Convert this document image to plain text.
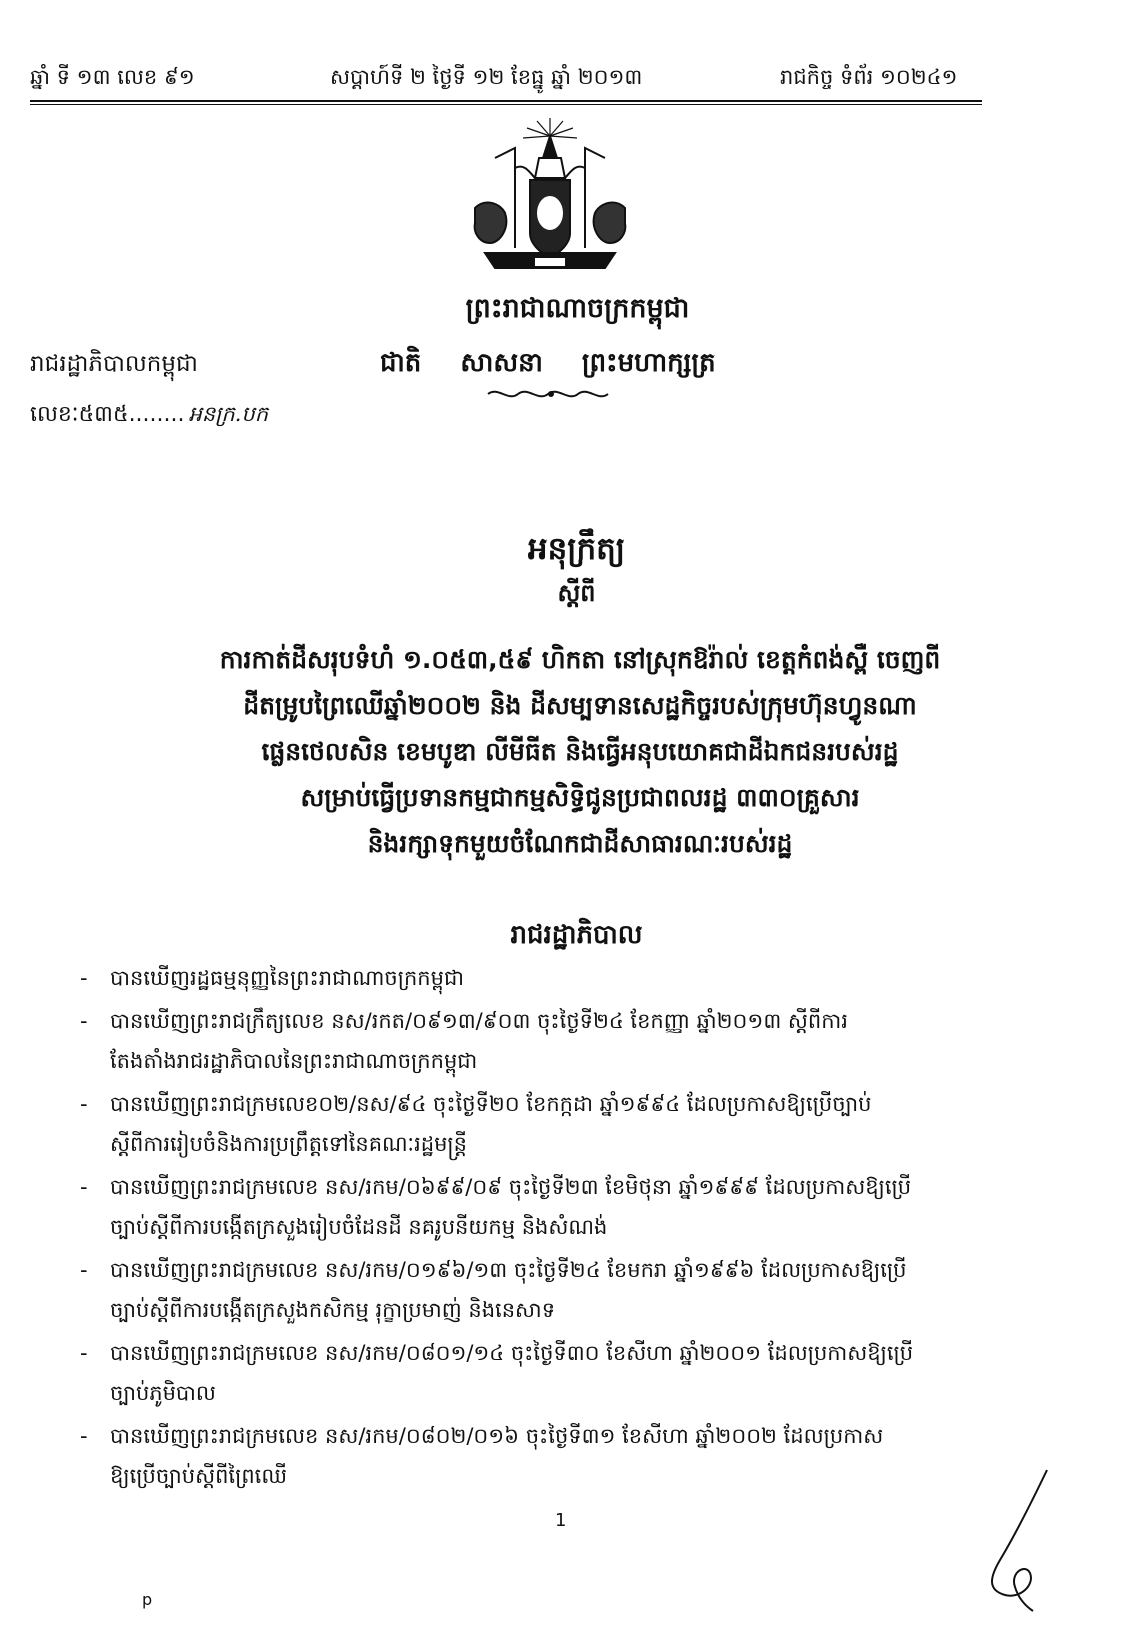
ឆ្នាំ ទី ១៣ លេខ ៩១	សប្តាហ៍ទី ២ ថ្ងៃទី ១២ ខែធ្នូ ឆ្នាំ ២០១៣	រាជកិច្ច ទំព័រ ១០២៤១
ព្រះរាជាណាចក្រកម្ពុជា
រាជរដ្ឋាភិបាលកម្ពុជា	ជាតិ សាសនា ព្រះមហាក្សត្រ
លេខៈ៥៣៥........ អនក្រ.បក
អនុក្រឹត្យ
ស្តីពី
ការកាត់ដីសរុបទំហំ ១.០៥៣,៥៩ ហិកតា នៅស្រុកឱរ៉ាល់ ខេត្តកំពង់ស្ពឺ ចេញពី
ដីតម្រូបព្រៃឈើឆ្នាំ២០០២ និង ដីសម្បទានសេដ្ឋកិច្ចរបស់ក្រុមហ៊ុនហ្វូនណា
ផ្លេនថេលសិន ខេមបូឌា លីមីធីត និងធ្វើអនុបយោគជាដីឯកជនរបស់រដ្ឋ
សម្រាប់ធ្វើប្រទានកម្មជាកម្មសិទ្ធិជូនប្រជាពលរដ្ឋ ៣៣០គ្រួសារ
និងរក្សាទុកមួយចំណែកជាដីសាធារណៈរបស់រដ្ឋ
រាជរដ្ឋាភិបាល
- បានឃើញរដ្ឋធម្មនុញ្ញនៃព្រះរាជាណាចក្រកម្ពុជា
- បានឃើញព្រះរាជក្រឹត្យលេខ នស/រកត/០៩១៣/៩០៣ ចុះថ្ងៃទី២៤ ខែកញ្ញា ឆ្នាំ២០១៣ ស្តីពីការ
តែងតាំងរាជរដ្ឋាភិបាលនៃព្រះរាជាណាចក្រកម្ពុជា
- បានឃើញព្រះរាជក្រមលេខ០២/នស/៩៤ ចុះថ្ងៃទី២០ ខែកក្កដា ឆ្នាំ១៩៩៤ ដែលប្រកាសឱ្យប្រើច្បាប់
ស្តីពីការរៀបចំនិងការប្រព្រឹត្តទៅនៃគណៈរដ្ឋមន្ត្រី
- បានឃើញព្រះរាជក្រមលេខ នស/រកម/០៦៩៩/០៩ ចុះថ្ងៃទី២៣ ខែមិថុនា ឆ្នាំ១៩៩៩ ដែលប្រកាសឱ្យប្រើ
ច្បាប់ស្តីពីការបង្កើតក្រសួងរៀបចំដែនដី នគរូបនីយកម្ម និងសំណង់
- បានឃើញព្រះរាជក្រមលេខ នស/រកម/០១៩៦/១៣ ចុះថ្ងៃទី២៤ ខែមករា ឆ្នាំ១៩៩៦ ដែលប្រកាសឱ្យប្រើ
ច្បាប់ស្តីពីការបង្កើតក្រសួងកសិកម្ម រុក្ខាប្រមាញ់ និងនេសាទ
- បានឃើញព្រះរាជក្រមលេខ នស/រកម/០៨០១/១៤ ចុះថ្ងៃទី៣០ ខែសីហា ឆ្នាំ២០០១ ដែលប្រកាសឱ្យប្រើ
ច្បាប់ភូមិបាល
- បានឃើញព្រះរាជក្រមលេខ នស/រកម/០៨០២/០១៦ ចុះថ្ងៃទី៣១ ខែសីហា ឆ្នាំ២០០២ ដែលប្រកាស
ឱ្យប្រើច្បាប់ស្តីពីព្រៃឈើ
1
p
